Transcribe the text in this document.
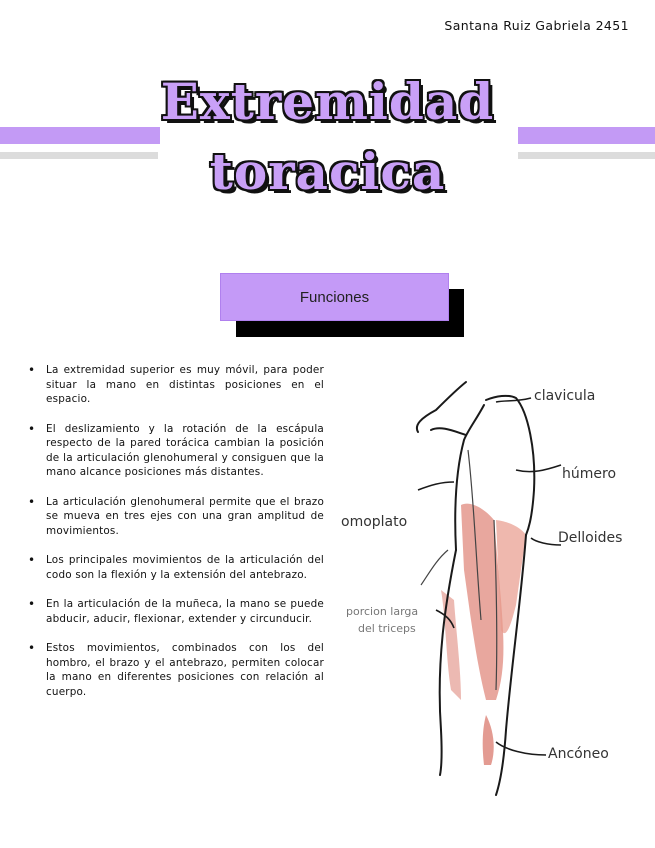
Santana Ruiz Gabriela 2451
Extremidad
toracica
Funciones
• La extremidad superior es muy móvil, para poder situar la mano en distintas posiciones en el espacio.
• El deslizamiento y la rotación de la escápula respecto de la pared torácica cambian la posición de la articulación glenohumeral y consiguen que la mano alcance posiciones más distantes.
• La articulación glenohumeral permite que el brazo se mueva en tres ejes con una gran amplitud de movimientos.
• Los principales movimientos de la articulación del codo son la flexión y la extensión del antebrazo.
• En la articulación de la muñeca, la mano se puede abducir, aducir, flexionar, extender y circunducir.
• Estos movimientos, combinados con los del hombro, el brazo y el antebrazo, permiten colocar la mano en diferentes posiciones con relación al cuerpo.
clavicula
húmero
omoplato
Delloides
porcion larga
del triceps
Ancóneo
